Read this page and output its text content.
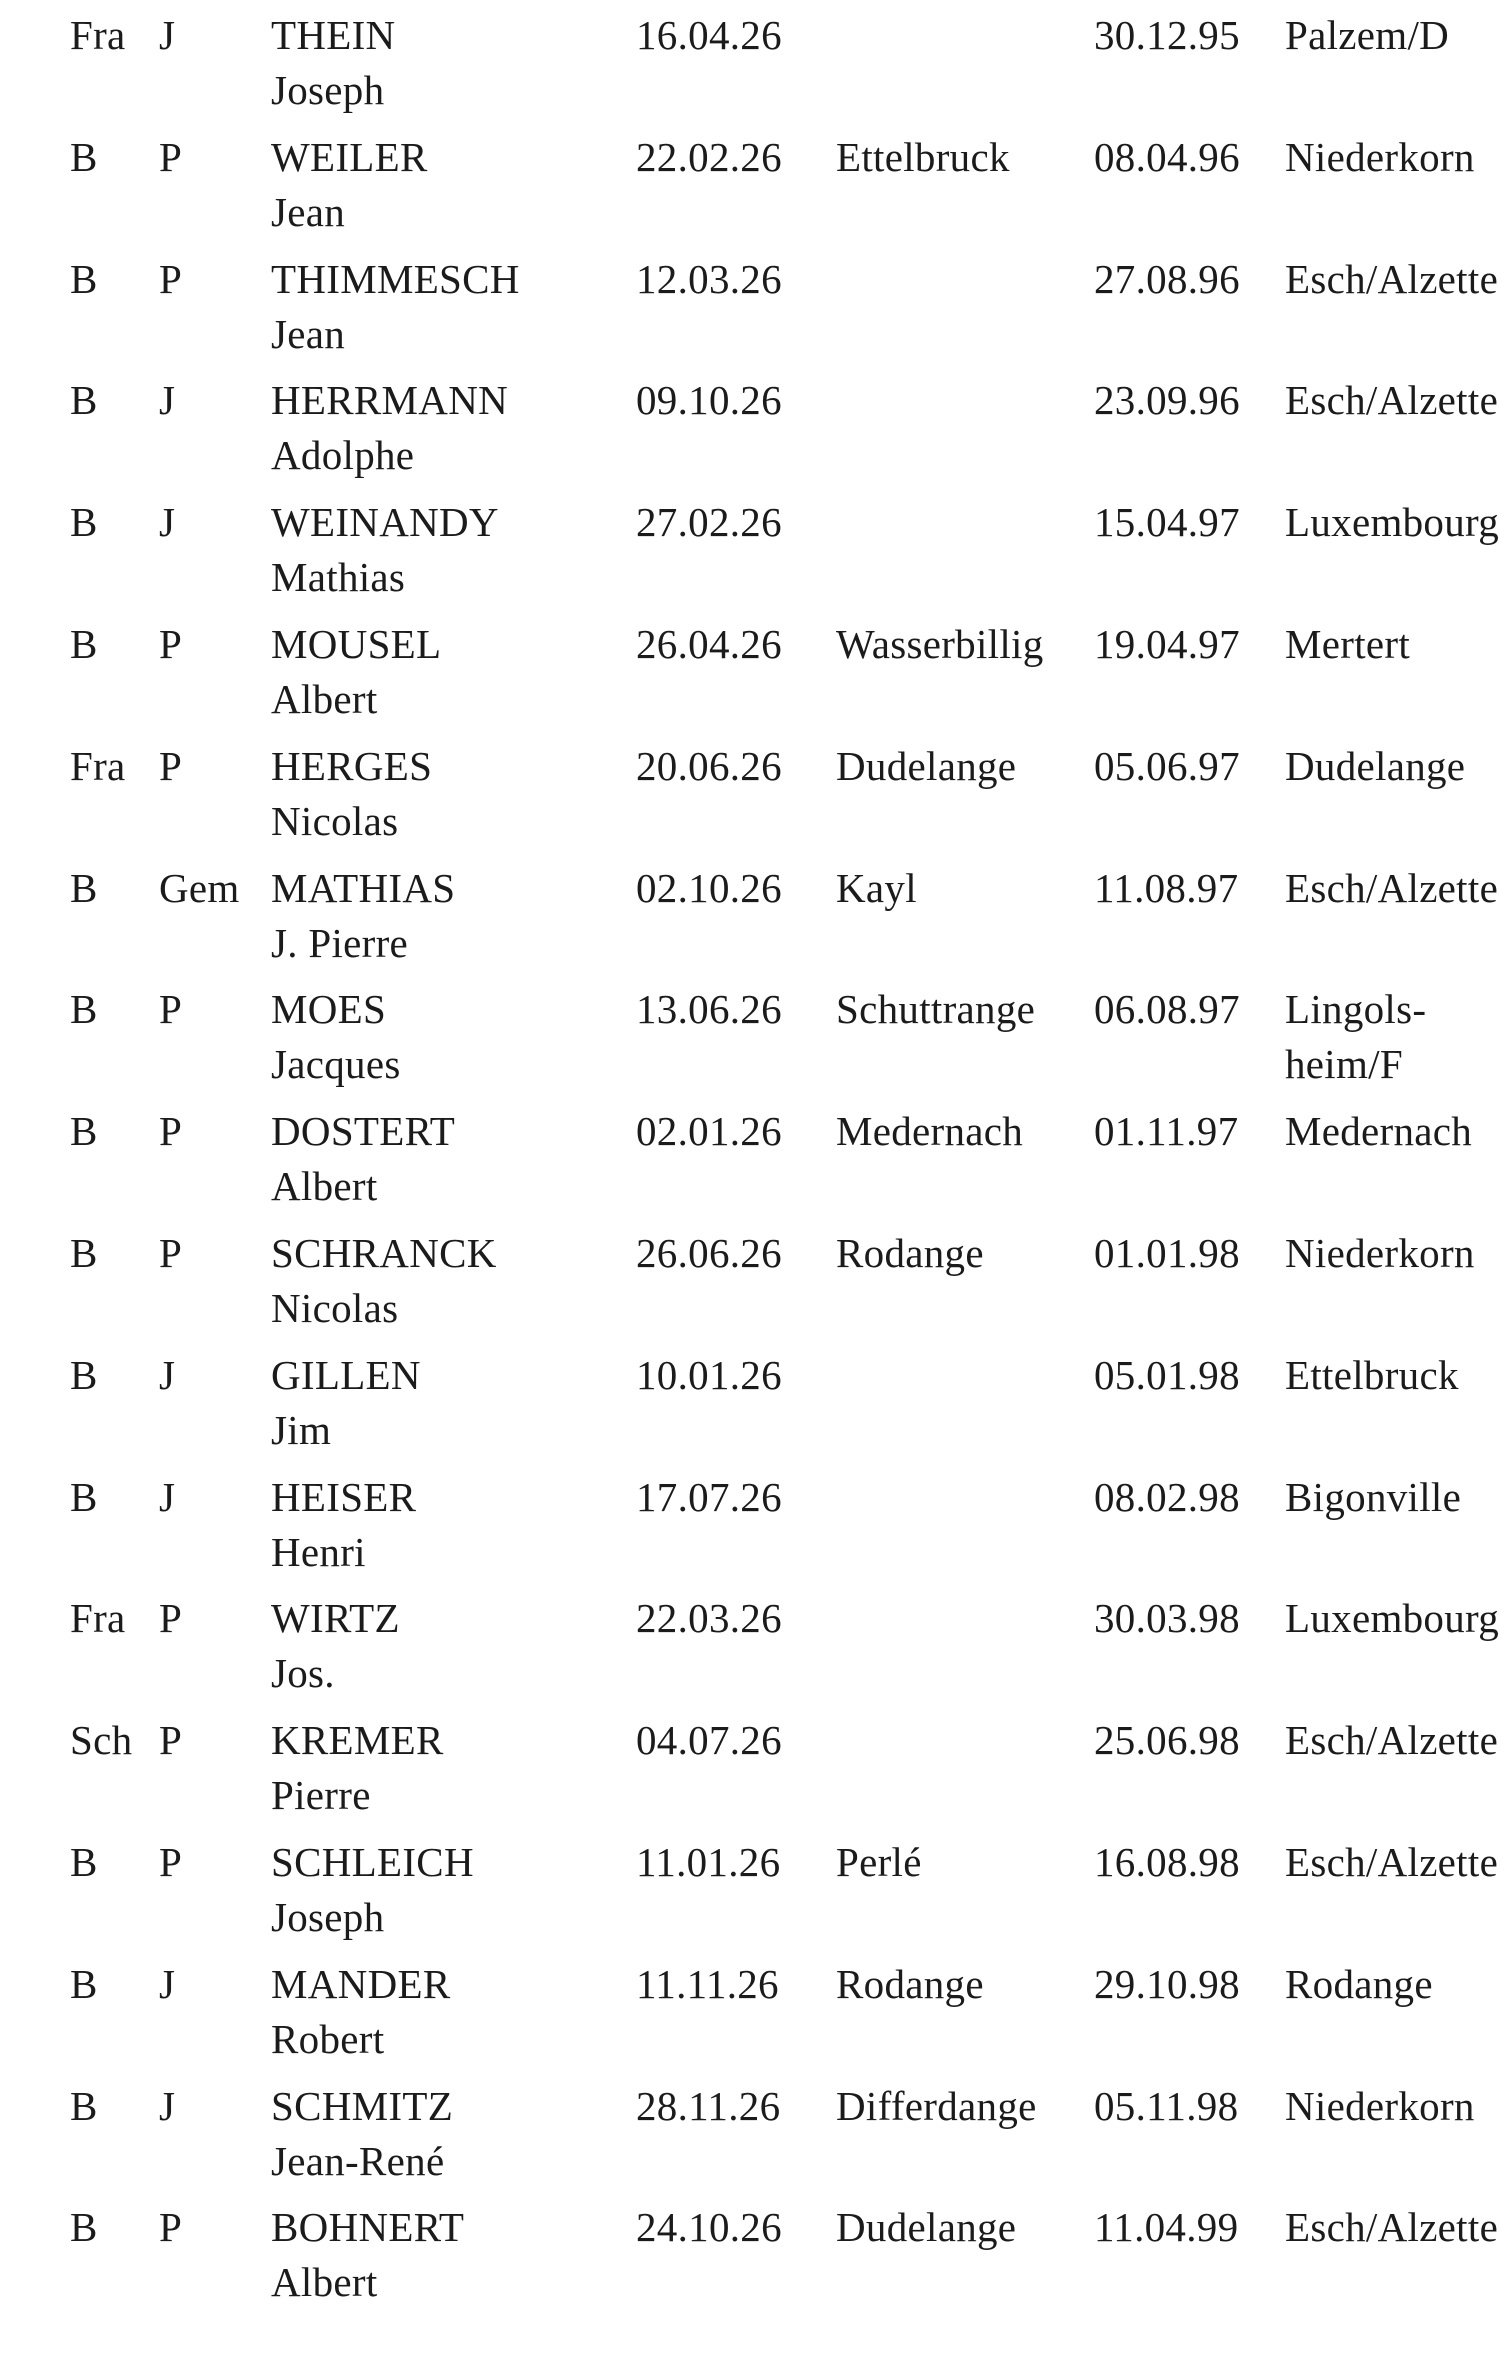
Fra J THEIN
Joseph
16.04.26	30.12.95 Palzem/D
B P WEILER
Jean
22.02.26 Ettelbruck 08.04.96 Niederkorn
B P THIMMESCH
Jean
12.03.26	27.08.96 Esch/Alzette
B J HERRMANN
Adolphe
09.10.26	23.09.96 Esch/Alzette
B J WEINANDY
Mathias
27.02.26	15.04.97 Luxembourg
B P MOUSEL
Albert
26.04.26 Wasserbillig 19.04.97 Mertert
Fra P HERGES
Nicolas
20.06.26 Dudelange 05.06.97 Dudelange
B Gem MATHIAS
J. Pierre
02.10.26 Kayl	11.08.97 Esch/Alzette
B P MOES
Jacques
13.06.26 Schuttrange 06.08.97 Lingols-
heim/F
B P DOSTERT
Albert
02.01.26 Medernach 01.11.97 Medernach
B P SCHRANCK
Nicolas
26.06.26 Rodange	01.01.98 Niederkorn
B J GILLEN
Jim
10.01.26	05.01.98 Ettelbruck
B J HEISER
Henri
17.07.26	08.02.98 Bigonville
Fra P WIRTZ
Jos.
22.03.26	30.03.98 Luxembourg
Sch P KREMER
Pierre
04.07.26	25.06.98 Esch/Alzette
B P SCHLEICH
Joseph
11.01.26 Perlé	16.08.98 Esch/Alzette
B J MANDER
Robert
11.11.26 Rodange	29.10.98 Rodange
B J SCHMITZ
Jean-René
28.11.26 Differdange 05.11.98 Niederkorn
B P BOHNERT
Albert
24.10.26 Dudelange 11.04.99 Esch/Alzette
